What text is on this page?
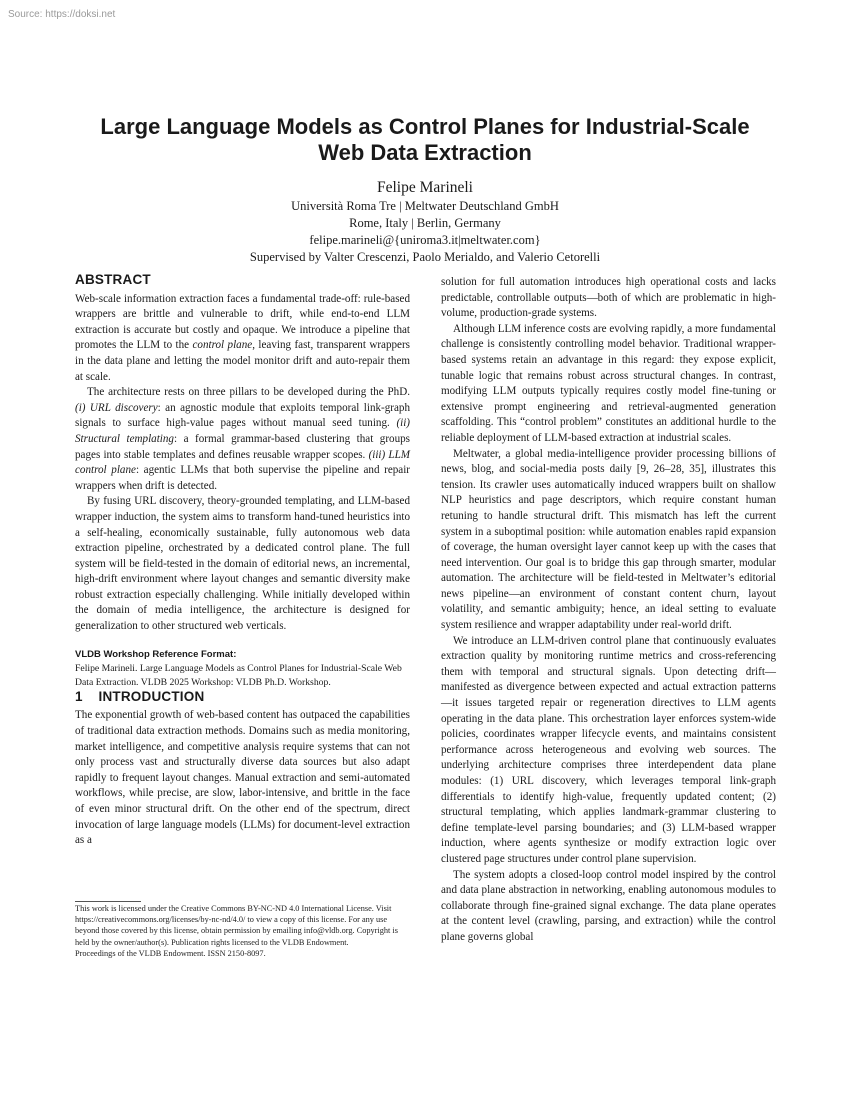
Source: https://doksi.net
Large Language Models as Control Planes for Industrial-Scale
Web Data Extraction
Felipe Marineli
Università Roma Tre | Meltwater Deutschland GmbH
Rome, Italy | Berlin, Germany
felipe.marineli@{uniroma3.it|meltwater.com}
Supervised by Valter Crescenzi, Paolo Merialdo, and Valerio Cetorelli
ABSTRACT

Web-scale information extraction faces a fundamental trade-off: rule-based wrappers are brittle and vulnerable to drift, while end-to-end LLM extraction is accurate but costly and opaque. We introduce a pipeline that promotes the LLM to the control plane, leaving fast, transparent wrappers in the data plane and letting the model monitor drift and auto-repair them at scale.

The architecture rests on three pillars to be developed during the PhD. (i) URL discovery: an agnostic module that exploits temporal link-graph signals to surface high-value pages without manual seed tuning. (ii) Structural templating: a formal grammar-based clustering that groups pages into stable templates and defines reusable wrapper scopes. (iii) LLM control plane: agentic LLMs that both supervise the pipeline and repair wrappers when drift is detected.

By fusing URL discovery, theory-grounded templating, and LLM-based wrapper induction, the system aims to transform hand-tuned heuristics into a self-healing, economically sustainable, fully autonomous web data extraction pipeline, orchestrated by a dedicated control plane. The full system will be field-tested in the domain of editorial news, an incremental, high-drift environment where layout changes and semantic diversity make robust extraction especially challenging. While initially developed within the domain of media intelligence, the architecture is designed for generalization to other structured web verticals.

VLDB Workshop Reference Format:
Felipe Marineli. Large Language Models as Control Planes for Industrial-Scale Web Data Extraction. VLDB 2025 Workshop: VLDB Ph.D. Workshop.
1    INTRODUCTION

The exponential growth of web-based content has outpaced the capabilities of traditional data extraction methods. Domains such as media monitoring, market intelligence, and competitive analysis require systems that can not only process vast and structurally diverse data sources but also adapt rapidly to frequent layout changes. Manual extraction and semi-automated workflows, while precise, are slow, labor-intensive, and brittle in the face of even minor structural drift. On the other end of the spectrum, direct invocation of large language models (LLMs) for document-level extraction as a

This work is licensed under the Creative Commons BY-NC-ND 4.0 International License. Visit https://creativecommons.org/licenses/by-nc-nd/4.0/ to view a copy of this license. For any use beyond those covered by this license, obtain permission by emailing info@vldb.org. Copyright is held by the owner/author(s). Publication rights licensed to the VLDB Endowment.
Proceedings of the VLDB Endowment. ISSN 2150-8097.

solution for full automation introduces high operational costs and lacks predictable, controllable outputs—both of which are problematic in high-volume, production-grade systems.

Although LLM inference costs are evolving rapidly, a more fundamental challenge is consistently controlling model behavior. Traditional wrapper-based systems retain an advantage in this regard: they expose explicit, tunable logic that remains robust across structural changes. In contrast, modifying LLM outputs typically requires costly model fine-tuning or extensive prompt engineering and retrieval-augmented generation scaffolding. This “control problem” constitutes an additional hurdle to the reliable deployment of LLM-based extraction at industrial scales.

Meltwater, a global media-intelligence provider processing billions of news, blog, and social-media posts daily [9, 26–28, 35], illustrates this tension. Its crawler uses automatically induced wrappers built on shallow NLP heuristics and page descriptors, which require constant human retuning to handle structural drift. This mismatch has left the current system in a suboptimal position: while automation enables rapid expansion of coverage, the human oversight layer cannot keep up with the cases that need intervention. Our goal is to bridge this gap through smarter, modular automation. The architecture will be field-tested in Meltwater’s editorial news pipeline—an environment of constant content churn, layout volatility, and semantic ambiguity; hence, an ideal setting to evaluate system resilience and wrapper adaptability under real-world drift.

We introduce an LLM-driven control plane that continuously evaluates extraction quality by monitoring runtime metrics and cross-referencing them with temporal and structural signals. Upon detecting drift—manifested as divergence between expected and actual extraction patterns—it issues targeted repair or regeneration directives to LLM agents operating in the data plane. This orchestration layer enforces system-wide policies, coordinates wrapper lifecycle events, and maintains consistent performance across heterogeneous and evolving web sources. The underlying architecture comprises three interdependent data plane modules: (1) URL discovery, which leverages temporal link-graph differentials to identify high-value, frequently updated content; (2) structural templating, which applies landmark-grammar clustering to define template-level parsing boundaries; and (3) LLM-based wrapper induction, where agents synthesize or modify extraction logic over clustered page structures under control plane supervision.

The system adopts a closed-loop control model inspired by the control and data plane abstraction in networking, enabling autonomous modules to collaborate through fine-grained signal exchange. The data plane operates at the content level (crawling, parsing, and extraction) while the control plane governs global
